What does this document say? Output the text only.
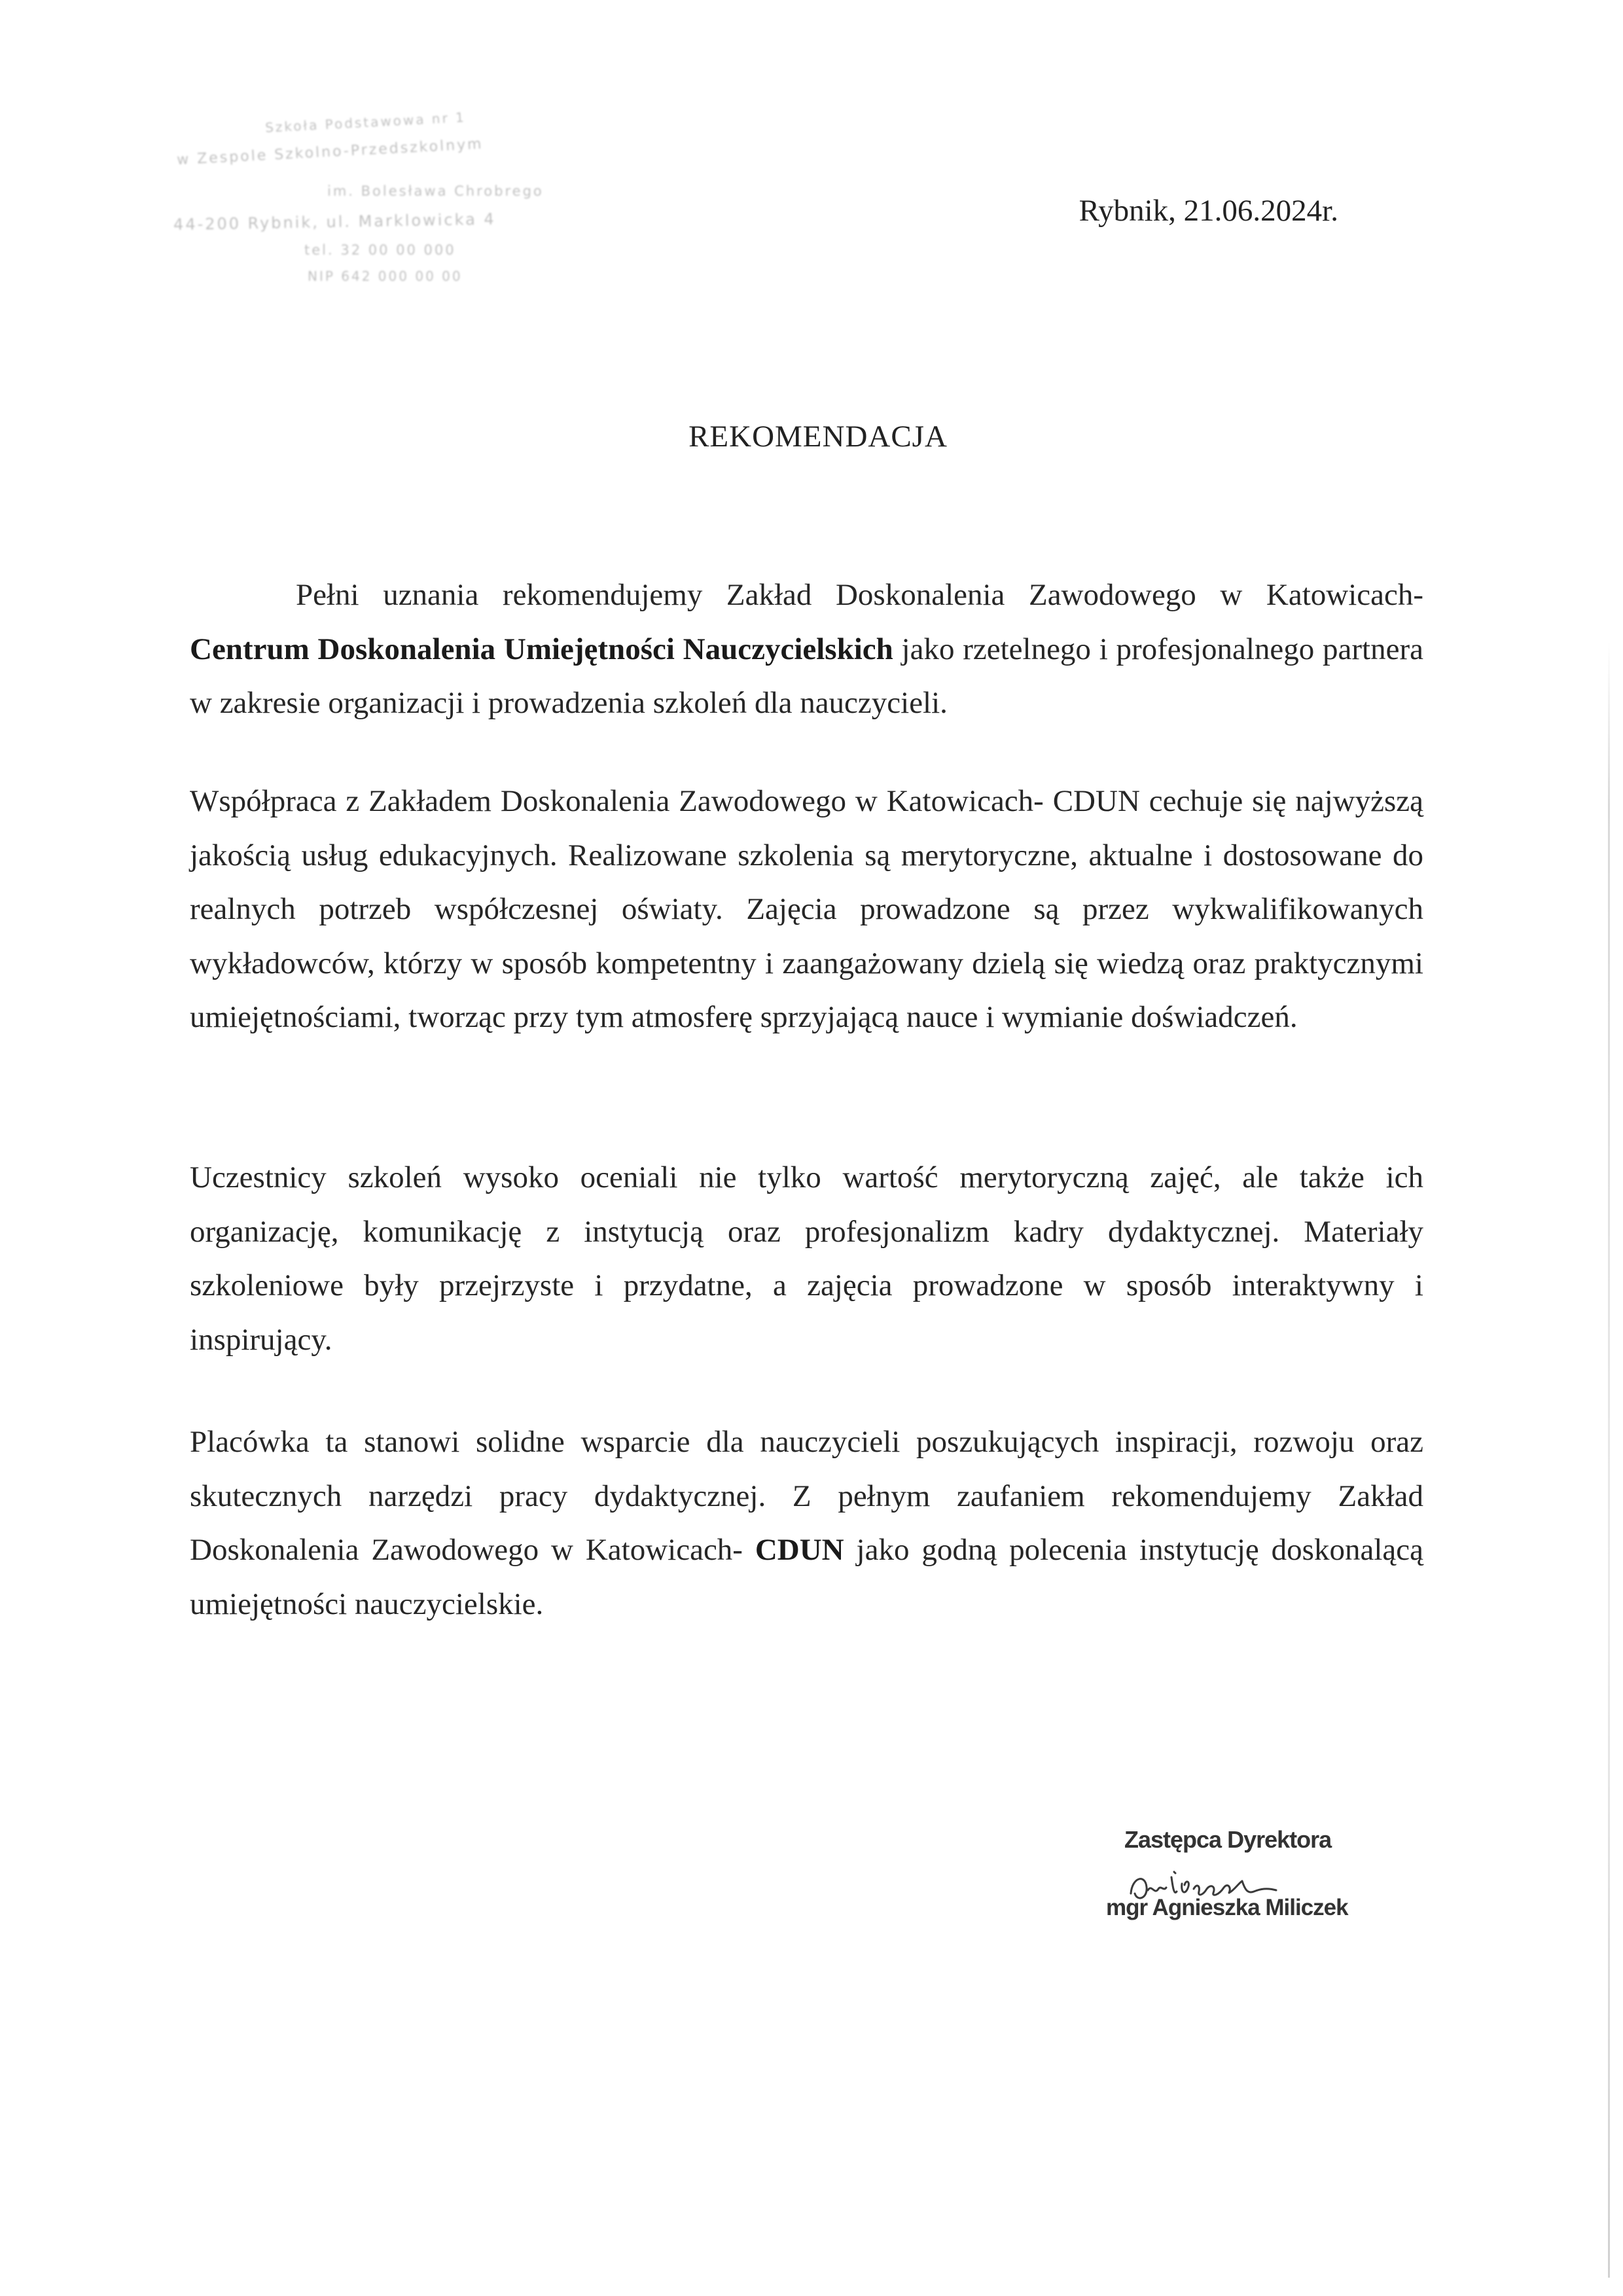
Szkoła Podstawowa nr 1
w Zespole Szkolno-Przedszkolnym
im. Bolesława Chrobrego
44-200 Rybnik, ul. Marklowicka 4
tel. 32 00 00 000
NIP 642 000 00 00
Rybnik, 21.06.2024r.
REKOMENDACJA
Pełni uznania rekomendujemy Zakład Doskonalenia Zawodowego w Katowicach- Centrum Doskonalenia Umiejętności Nauczycielskich jako rzetelnego i profesjonalnego partnera w zakresie organizacji i prowadzenia szkoleń dla nauczycieli.
Współpraca z Zakładem Doskonalenia Zawodowego w Katowicach- CDUN cechuje się najwyższą jakością usług edukacyjnych. Realizowane szkolenia są merytoryczne, aktualne i dostosowane do realnych potrzeb współczesnej oświaty. Zajęcia prowadzone są przez wykwalifikowanych wykładowców, którzy w sposób kompetentny i zaangażowany dzielą się wiedzą oraz praktycznymi umiejętnościami, tworząc przy tym atmosferę sprzyjającą nauce i wymianie doświadczeń.
Uczestnicy szkoleń wysoko oceniali nie tylko wartość merytoryczną zajęć, ale także ich organizację, komunikację z instytucją oraz profesjonalizm kadry dydaktycznej. Materiały szkoleniowe były przejrzyste i przydatne, a zajęcia prowadzone w sposób interaktywny i inspirujący.
Placówka ta stanowi solidne wsparcie dla nauczycieli poszukujących inspiracji, rozwoju oraz skutecznych narzędzi pracy dydaktycznej. Z pełnym zaufaniem rekomendujemy Zakład Doskonalenia Zawodowego w Katowicach- CDUN jako godną polecenia instytucję doskonalącą umiejętności nauczycielskie.
Zastępca Dyrektora
mgr Agnieszka Miliczek
